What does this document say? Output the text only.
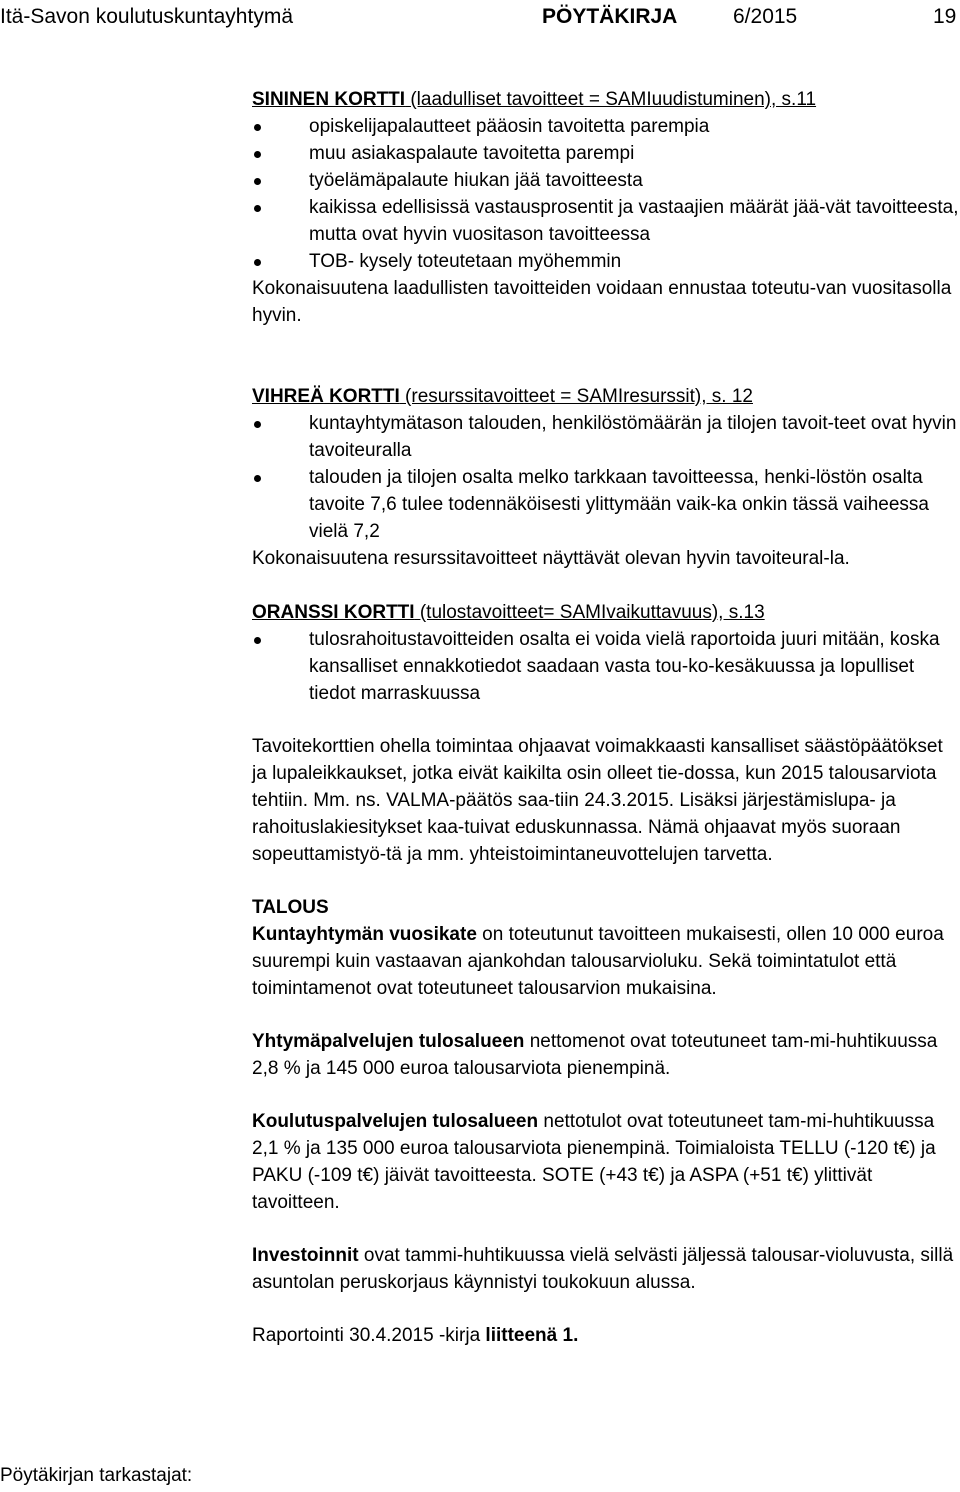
Itä-Savon koulutuskuntayhtymä	PÖYTÄKIRJA	6/2015	19

SININEN KORTTI (laadulliset tavoitteet = SAMIuudistuminen), s.11

opiskelijapalautteet pääosin tavoitetta parempia
muu asiakaspalaute tavoitetta parempi
työelämäpalaute hiukan jää tavoitteesta
kaikissa edellisissä vastausprosentit ja vastaajien määrät jää-vät tavoitteesta, mutta ovat hyvin vuositason tavoitteessa
TOB- kysely toteutetaan myöhemmin

Kokonaisuutena laadullisten tavoitteiden voidaan ennustaa toteutu-van vuositasolla hyvin.

VIHREÄ KORTTI (resurssitavoitteet = SAMIresurssit), s. 12

kuntayhtymätason talouden, henkilöstömäärän ja tilojen tavoit-teet ovat hyvin tavoiteuralla
talouden ja tilojen osalta melko tarkkaan tavoitteessa, henki-löstön osalta tavoite 7,6 tulee todennäköisesti ylittymään vaik-ka onkin tässä vaiheessa vielä 7,2

Kokonaisuutena resurssitavoitteet näyttävät olevan hyvin tavoiteural-la.

ORANSSI KORTTI (tulostavoitteet= SAMIvaikuttavuus), s.13

tulosrahoitustavoitteiden osalta ei voida vielä raportoida juuri mitään, koska kansalliset ennakkotiedot saadaan vasta tou-ko-kesäkuussa ja lopulliset tiedot marraskuussa

Tavoitekorttien ohella toimintaa ohjaavat voimakkaasti kansalliset säästöpäätökset ja lupaleikkaukset, jotka eivät kaikilta osin olleet tie-dossa, kun 2015 talousarviota tehtiin. Mm. ns. VALMA-päätös saa-tiin 24.3.2015. Lisäksi järjestämislupa- ja rahoituslakiesitykset kaa-tuivat eduskunnassa. Nämä ohjaavat myös suoraan sopeuttamistyö-tä ja mm. yhteistoimintaneuvottelujen tarvetta.

TALOUS

Kuntayhtymän vuosikate on toteutunut tavoitteen mukaisesti, ollen 10 000 euroa suurempi kuin vastaavan ajankohdan talousarvioluku. Sekä toimintatulot että toimintamenot ovat toteutuneet talousarvion mukaisina.

Yhtymäpalvelujen tulosalueen nettomenot ovat toteutuneet tam-mi-huhtikuussa 2,8 % ja 145 000 euroa talousarviota pienempinä.

Koulutuspalvelujen tulosalueen nettotulot ovat toteutuneet tam-mi-huhtikuussa 2,1 % ja 135 000 euroa talousarviota pienempinä. Toimialoista TELLU (-120 t€) ja PAKU (-109 t€) jäivät tavoitteesta. SOTE (+43 t€) ja ASPA (+51 t€) ylittivät tavoitteen.

Investoinnit ovat tammi-huhtikuussa vielä selvästi jäljessä talousar-violuvusta, sillä asuntolan peruskorjaus käynnistyi toukokuun alussa.

Raportointi 30.4.2015 -kirja liitteenä 1.

Pöytäkirjan tarkastajat:
